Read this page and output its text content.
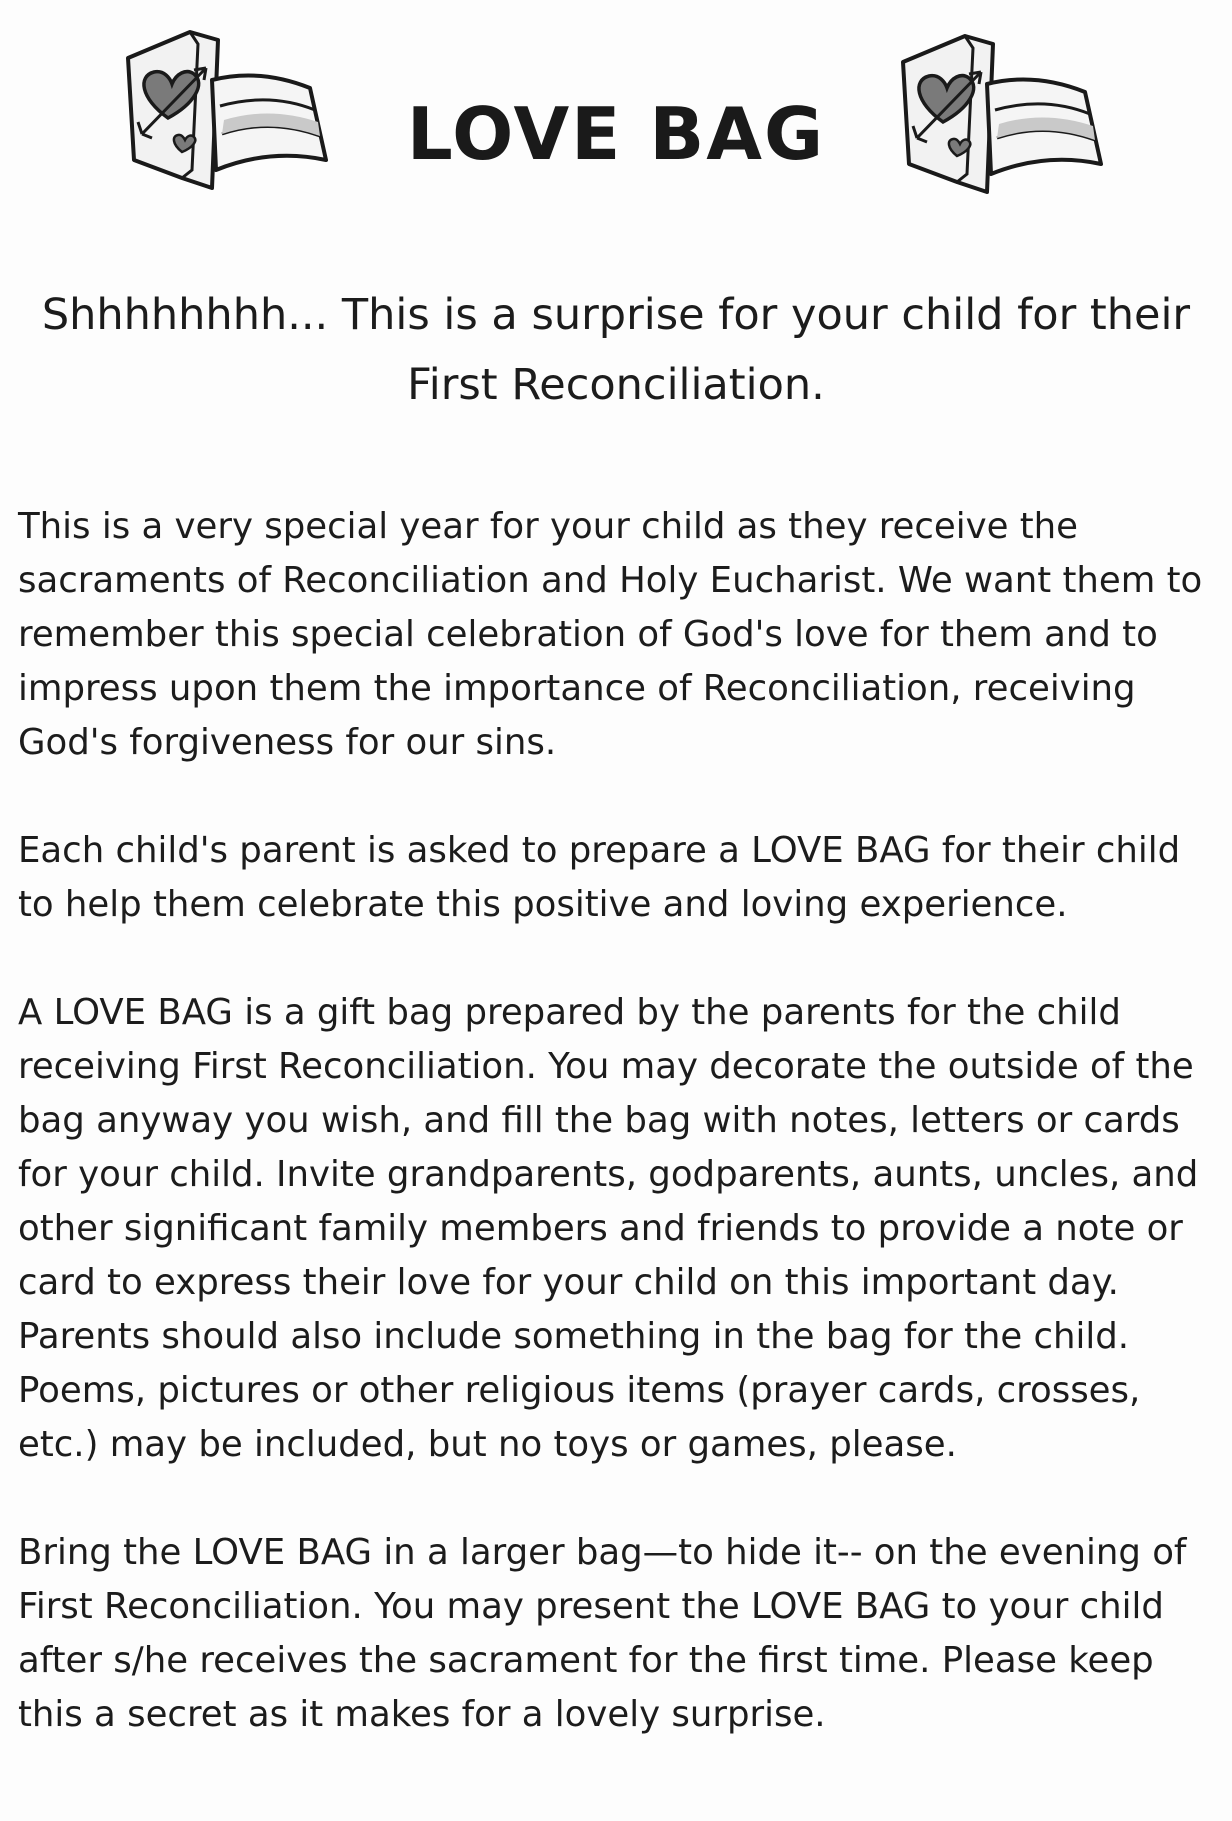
LOVE BAG

Shhhhhhhh... This is a surprise for your child for their First Reconciliation.

This is a very special year for your child as they receive the sacraments of Reconciliation and Holy Eucharist. We want them to remember this special celebration of God's love for them and to impress upon them the importance of Reconciliation, receiving God's forgiveness for our sins.

Each child's parent is asked to prepare a LOVE BAG for their child to help them celebrate this positive and loving experience.

A LOVE BAG is a gift bag prepared by the parents for the child receiving First Reconciliation. You may decorate the outside of the bag anyway you wish, and fill the bag with notes, letters or cards for your child. Invite grandparents, godparents, aunts, uncles, and other significant family members and friends to provide a note or card to express their love for your child on this important day. Parents should also include something in the bag for the child. Poems, pictures or other religious items (prayer cards, crosses, etc.) may be included, but no toys or games, please.

Bring the LOVE BAG in a larger bag—to hide it-- on the evening of First Reconciliation. You may present the LOVE BAG to your child after s/he receives the sacrament for the first time. Please keep this a secret as it makes for a lovely surprise.
